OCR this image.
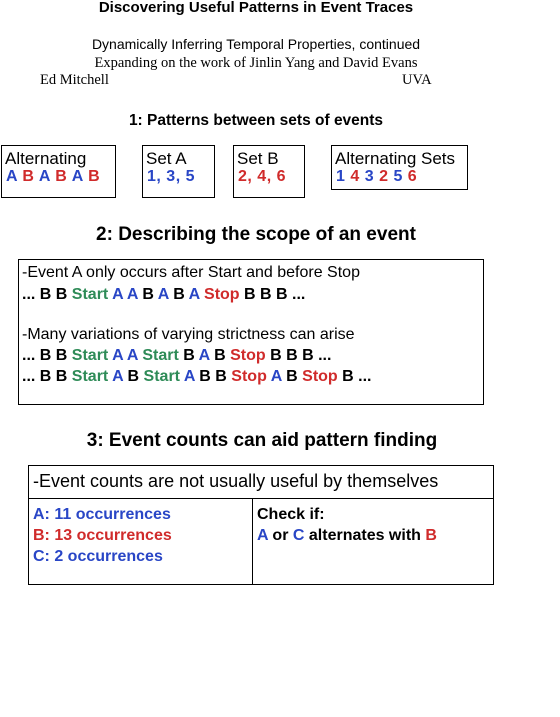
Discovering Useful Patterns in Event Traces
Dynamically Inferring Temporal Properties, continued
Expanding on the work of Jinlin Yang and David Evans
Ed Mitchell	UVA
1: Patterns between sets of events
Alternating
A B A B A B
Set A
1, 3, 5
Set B
2, 4, 6
Alternating Sets
1 4 3 2 5 6
2: Describing the scope of an event
-Event A only occurs after Start and before Stop
... B B Start A A B A B A Stop B B B ...
-Many variations of varying strictness can arise
... B B Start A A Start B A B Stop B B B ...
... B B Start A B Start A B B Stop A B Stop B ...
3: Event counts can aid pattern finding
-Event counts are not usually useful by themselves
A: 11 occurrences
B: 13 occurrences
C: 2 occurrences
Check if:
A or C alternates with B
